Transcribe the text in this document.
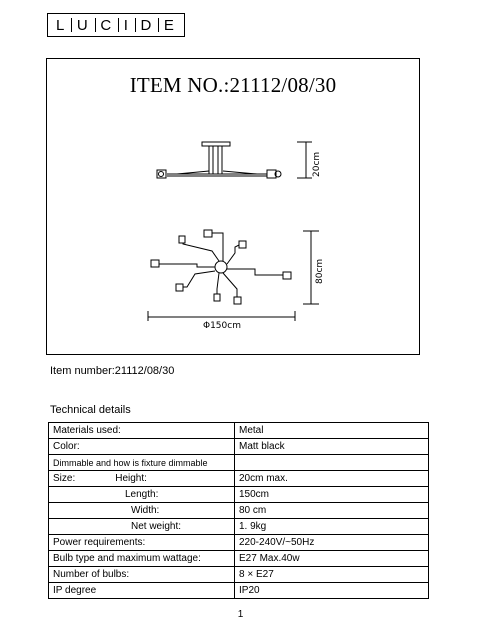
L U C I D E
ITEM NO.:21112/08/30
20cm
80cm
Φ150cm
Item number:21112/08/30
Technical details
Materials used:	Metal
Color:	Matt black
Dimmable and how is fixture dimmable	
Size: Height:	20cm max.
Length:	150cm
Width:	80 cm
Net weight:	1. 9kg
Power requirements:	220-240V/~50Hz
Bulb type and maximum wattage:	E27 Max.40w
Number of bulbs:	8 × E27
IP degree	IP20
1
